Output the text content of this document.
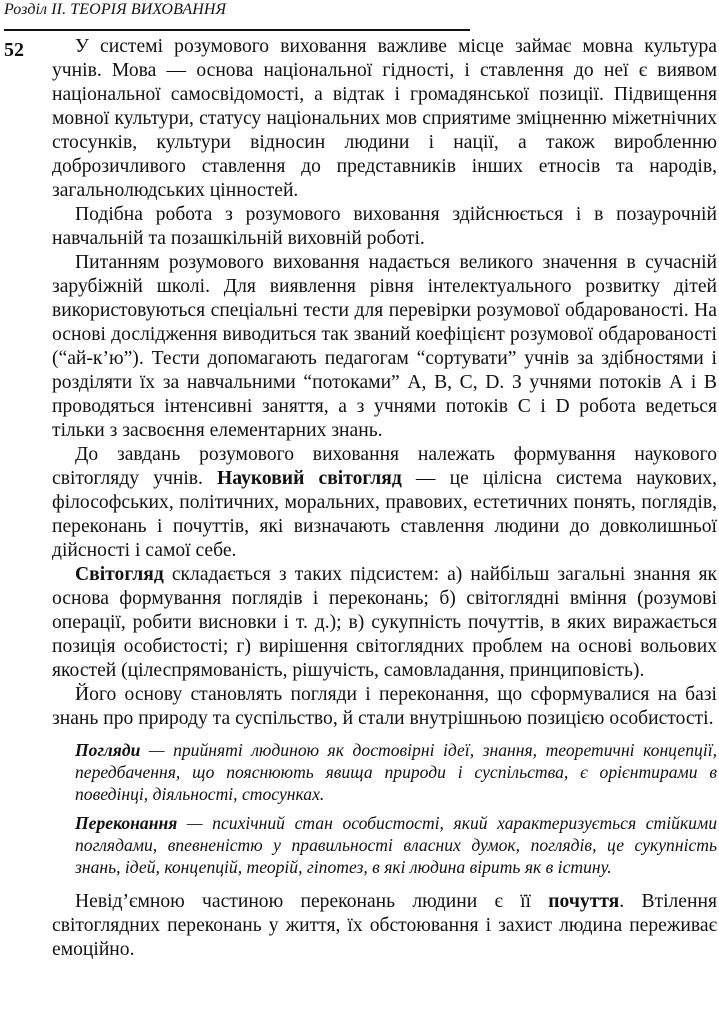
Розділ ІІ. ТЕОРІЯ ВИХОВАННЯ
52	У системі розумового виховання важливе місце займає мовна культура учнів. Мова — основа національної гідності, і ставлення до неї є виявом національної самосвідомості, а відтак і громадянської позиції. Підвищення мовної культури, статусу національних мов сприятиме зміцненню міжетнічних стосунків, культури відносин людини і нації, а також виробленню доброзичливого ставлення до представників інших етносів та народів, загальнолюдських цінностей.

Подібна робота з розумового виховання здійснюється і в позаурочній навчальній та позашкільній виховній роботі.

Питанням розумового виховання надається великого значення в сучасній зарубіжній школі. Для виявлення рівня інтелектуального розвитку дітей використовуються спеціальні тести для перевірки розумової обдарованості. На основі дослідження виводиться так званий коефіцієнт розумової обдарованості (“ай-к’ю”). Тести допомагають педагогам “сортувати” учнів за здібностями і розділяти їх за навчальними “потоками” А, В, С, D. З учнями потоків А і В проводяться інтенсивні заняття, а з учнями потоків С і D робота ведеться тільки з засвоєння елементарних знань.

До завдань розумового виховання належать формування наукового світогляду учнів. Науковий світогляд — це цілісна система наукових, філософських, політичних, моральних, правових, естетичних понять, поглядів, переконань і почуттів, які визначають ставлення людини до довколишньої дійсності і самої себе.

Світогляд складається з таких підсистем: а) найбільш загальні знання як основа формування поглядів і переконань; б) світоглядні вміння (розумові операції, робити висновки і т. д.); в) сукупність почуттів, в яких виражається позиція особистості; г) вирішення світоглядних проблем на основі вольових якостей (цілеспрямованість, рішучість, самовладання, принциповість).

Його основу становлять погляди і переконання, що сформувалися на базі знань про природу та суспільство, й стали внутрішньою позицією особистості.

Погляди — прийняті людиною як достовірні ідеї, знання, теоретичні концепції, передбачення, що пояснюють явища природи і суспільства, є орієнтирами в поведінці, діяльності, стосунках.
Переконання — психічний стан особистості, який характеризується стійкими поглядами, впевненістю у правильності власних думок, поглядів, це сукупність знань, ідей, концепцій, теорій, гіпотез, в які людина вірить як в істину.

Невід’ємною частиною переконань людини є її почуття. Втілення світоглядних переконань у життя, їх обстоювання і захист людина переживає емоційно.
